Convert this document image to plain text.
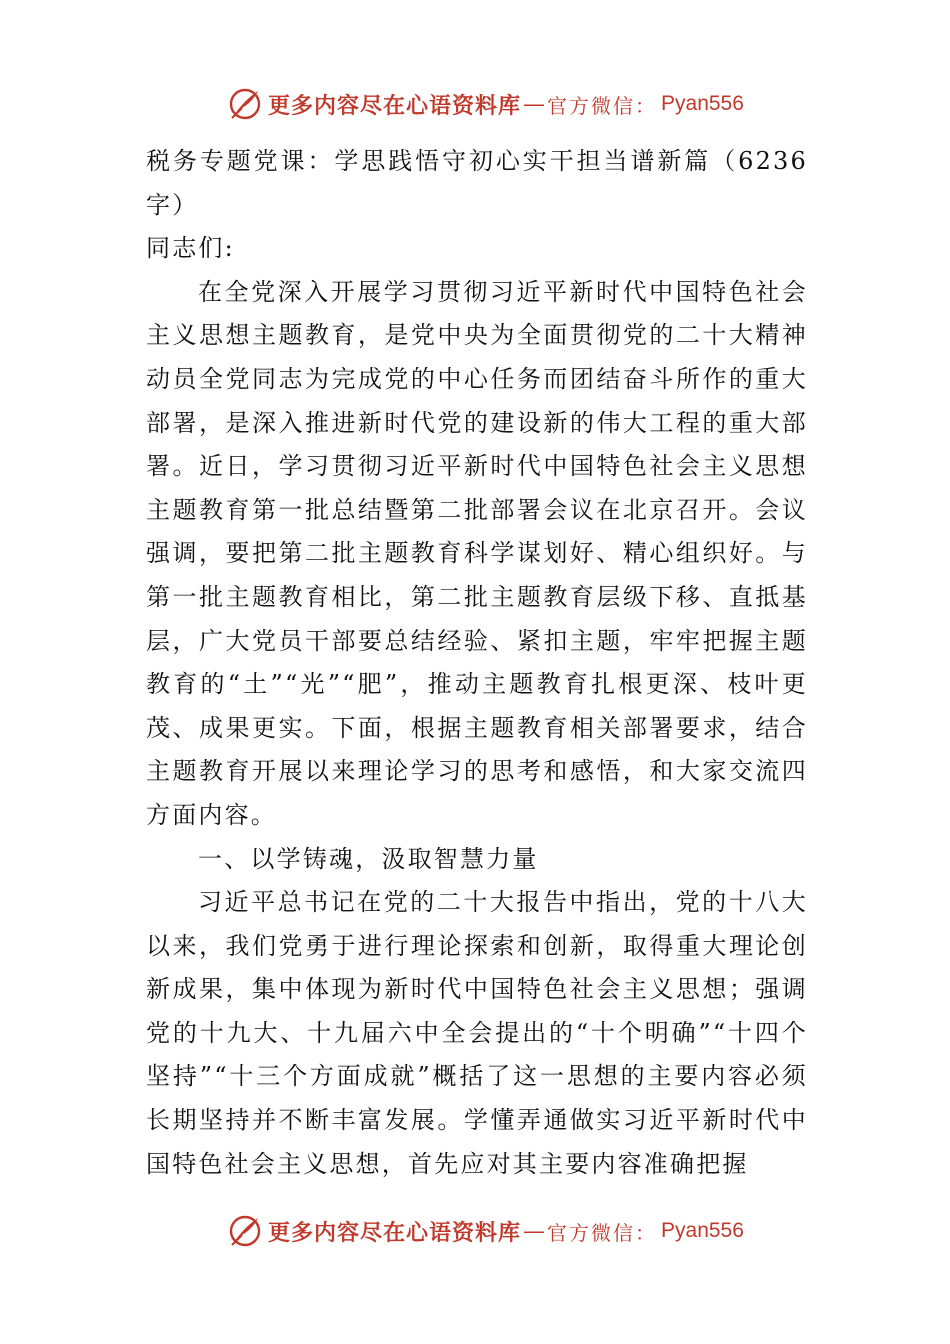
更多内容尽在心语资料库 — 官方微信： Pyan556

税务专题党课：学思践悟守初心实干担当谱新篇（6236字）

同志们:

在全党深入开展学习贯彻习近平新时代中国特色社会主义思想主题教育，是党中央为全面贯彻党的二十大精神动员全党同志为完成党的中心任务而团结奋斗所作的重大部署，是深入推进新时代党的建设新的伟大工程的重大部署。近日，学习贯彻习近平新时代中国特色社会主义思想主题教育第一批总结暨第二批部署会议在北京召开。会议强调，要把第二批主题教育科学谋划好、精心组织好。与第一批主题教育相比，第二批主题教育层级下移、直抵基层，广大党员干部要总结经验、紧扣主题，牢牢把握主题教育的“土”“光”“肥”，推动主题教育扎根更深、枝叶更茂、成果更实。下面，根据主题教育相关部署要求，结合主题教育开展以来理论学习的思考和感悟，和大家交流四方面内容。

一、以学铸魂，汲取智慧力量

习近平总书记在党的二十大报告中指出，党的十八大以来，我们党勇于进行理论探索和创新，取得重大理论创新成果，集中体现为新时代中国特色社会主义思想；强调党的十九大、十九届六中全会提出的“十个明确”“十四个坚持”“十三个方面成就”概括了这一思想的主要内容必须长期坚持并不断丰富发展。学懂弄通做实习近平新时代中国特色社会主义思想，首先应对其主要内容准确把握

更多内容尽在心语资料库 — 官方微信： Pyan556
